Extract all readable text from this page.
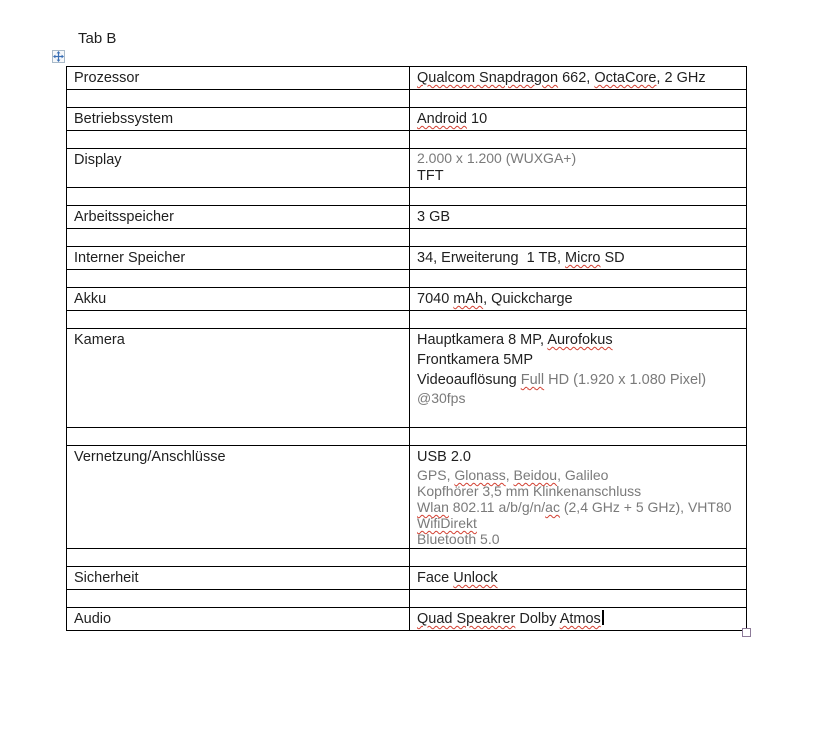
Tab B
Prozessor	Qualcom Snapdragon 662, OctaCore, 2 GHz

Betriebssystem	Android 10

Display	2.000 x 1.200 (WUXGA+)
TFT

Arbeitsspeicher	3 GB

Interner Speicher	34, Erweiterung  1 TB, Micro SD

Akku	7040 mAh, Quickcharge

Kamera	Hauptkamera 8 MP, Aurofokus
Frontkamera 5MP
Videoauflösung Full HD (1.920 x 1.080 Pixel)
@30fps

Vernetzung/Anschlüsse	USB 2.0
GPS, Glonass, Beidou, Galileo
Kopfhörer 3,5 mm Klinkenanschluss
Wlan 802.11 a/b/g/n/ac (2,4 GHz + 5 GHz), VHT80
WifiDirekt
Bluetooth 5.0

Sicherheit	Face Unlock

Audio	Quad Speakrer Dolby Atmos
